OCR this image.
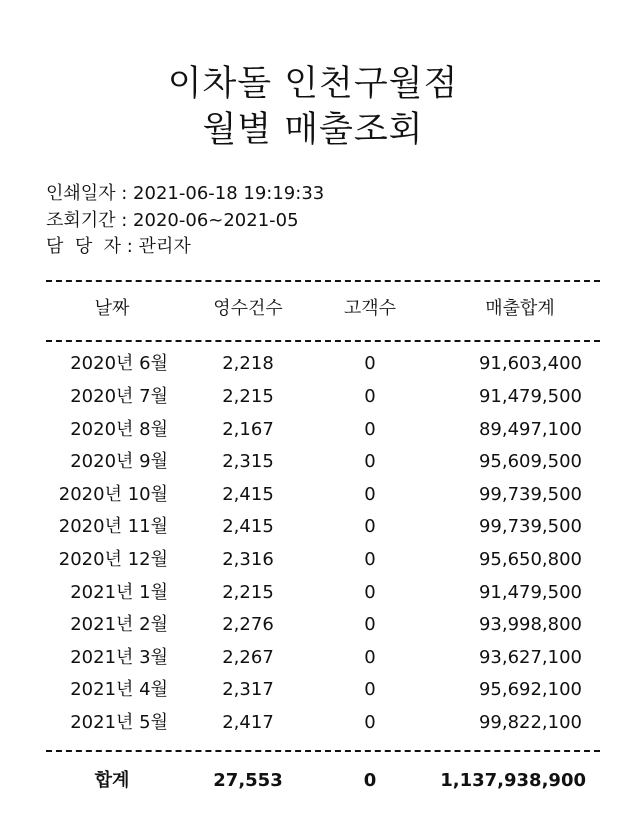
이차돌 인천구월점
월별 매출조회
인쇄일자 : 2021-06-18 19:19:33
조회기간 : 2020-06~2021-05
담  당  자 : 관리자
날짜	영수건수	고객수	매출합계
2020년 6월	2,218	0	91,603,400
2020년 7월	2,215	0	91,479,500
2020년 8월	2,167	0	89,497,100
2020년 9월	2,315	0	95,609,500
2020년 10월	2,415	0	99,739,500
2020년 11월	2,415	0	99,739,500
2020년 12월	2,316	0	95,650,800
2021년 1월	2,215	0	91,479,500
2021년 2월	2,276	0	93,998,800
2021년 3월	2,267	0	93,627,100
2021년 4월	2,317	0	95,692,100
2021년 5월	2,417	0	99,822,100
합계	27,553	0	1,137,938,900
